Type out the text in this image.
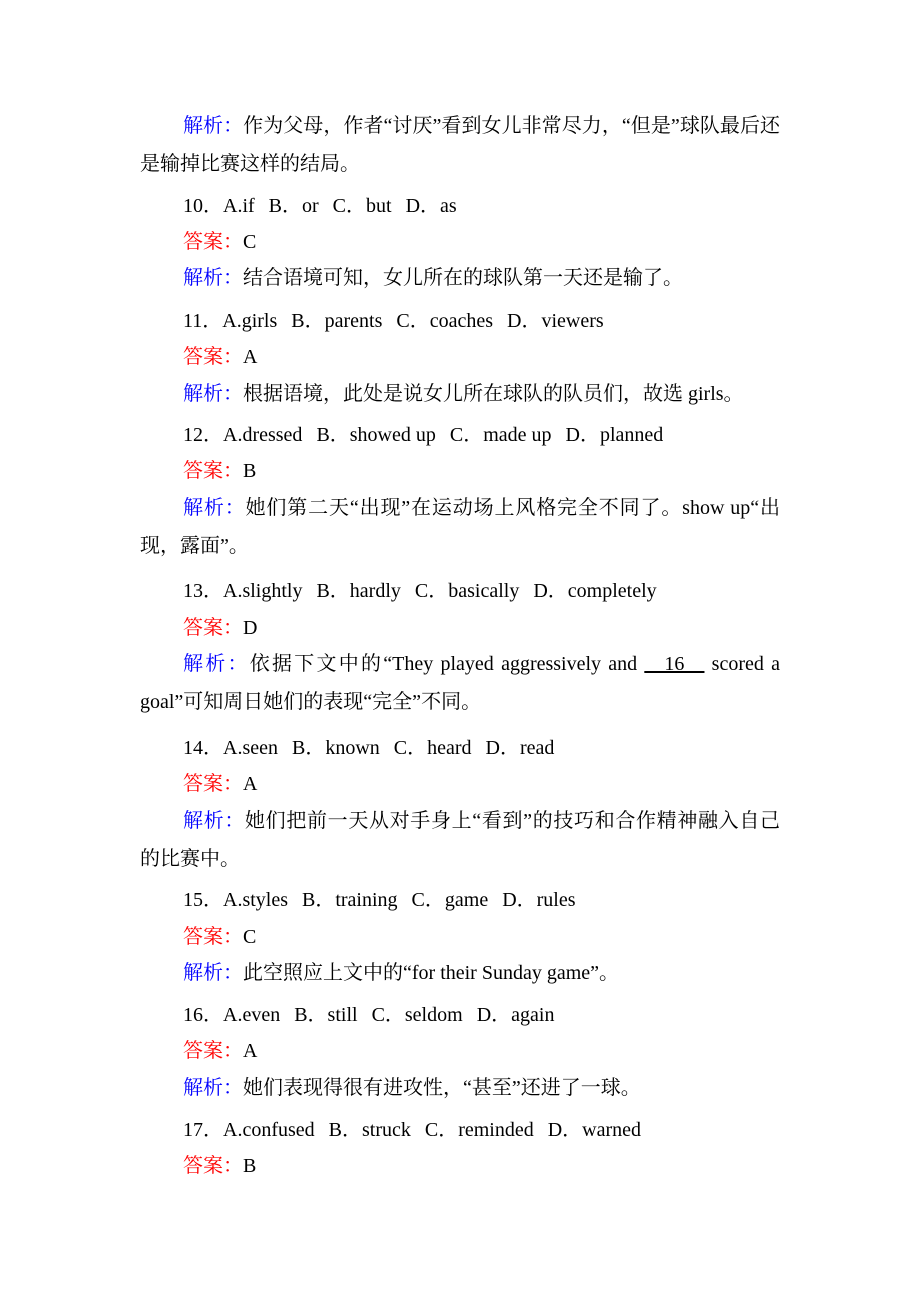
解析：作为父母，作者“讨厌”看到女儿非常尽力，“但是”球队最后还是输掉比赛这样的结局。
10．A.if B．or C．but D．as
答案：C
解析：结合语境可知，女儿所在的球队第一天还是输了。
11．A.girls B．parents C．coaches D．viewers
答案：A
解析：根据语境，此处是说女儿所在球队的队员们，故选 girls。
12．A.dressed B．showed up C．made up D．planned
答案：B
解析：她们第二天“出现”在运动场上风格完全不同了。show up“出现，露面”。
13．A.slightly B．hardly C．basically D．completely
答案：D
解析：依据下文中的“They played aggressively and __16__ scored a goal”可知周日她们的表现“完全”不同。
14．A.seen B．known C．heard D．read
答案：A
解析：她们把前一天从对手身上“看到”的技巧和合作精神融入自己的比赛中。
15．A.styles B．training C．game D．rules
答案：C
解析：此空照应上文中的“for their Sunday game”。
16．A.even B．still C．seldom D．again
答案：A
解析：她们表现得很有进攻性，“甚至”还进了一球。
17．A.confused B．struck C．reminded D．warned
答案：B
